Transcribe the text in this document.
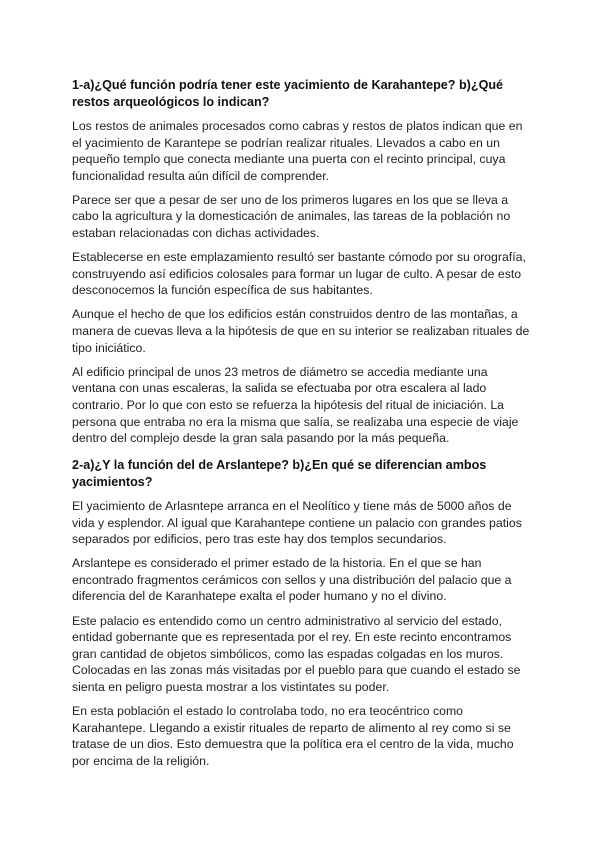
1-a)¿Qué función podría tener este yacimiento de Karahantepe? b)¿Qué restos arqueológicos lo indican?

Los restos de animales procesados como cabras y restos de platos indican que en el yacimiento de Karantepe se podrían realizar rituales. Llevados a cabo en un pequeño templo que conecta mediante una puerta con el recinto principal, cuya funcionalidad resulta aún difícil de comprender.

Parece ser que a pesar de ser uno de los primeros lugares en los que se lleva a cabo la agricultura y la domesticación de animales, las tareas de la población no estaban relacionadas con dichas actividades.

Establecerse en este emplazamiento resultó ser bastante cómodo por su orografía, construyendo así edificios colosales para formar un lugar de culto. A pesar de esto desconocemos la función específica de sus habitantes.

Aunque el hecho de que los edificios están construidos dentro de las montañas, a manera de cuevas lleva a la hipótesis de que en su interior se realizaban rituales de tipo iniciático.

Al edificio principal de unos 23 metros de diámetro se accedia mediante una ventana con unas escaleras, la salida se efectuaba por otra escalera al lado contrario. Por lo que con esto se refuerza la hipótesis del ritual de iniciación. La persona que entraba no era la misma que salía, se realizaba una especie de viaje dentro del complejo desde la gran sala pasando por la más pequeña.

2-a)¿Y la función del de Arslantepe? b)¿En qué se diferencian ambos yacimientos?

El yacimiento de Arlasntepe arranca en el Neolítico y tiene más de 5000 años de vida y esplendor. Al igual que Karahantepe contiene un palacio con grandes patios separados por edificios, pero tras este hay dos templos secundarios.

Arslantepe es considerado el primer estado de la historia. En el que se han encontrado fragmentos cerámicos con sellos y una distribución del palacio que a diferencia del de Karanhatepe exalta el poder humano y no el divino.

Este palacio es entendido como un centro administrativo al servicio del estado, entidad gobernante que es representada por el rey. En este recinto encontramos gran cantidad de objetos simbólicos, como las espadas colgadas en los muros. Colocadas en las zonas más visitadas por el pueblo para que cuando el estado se sienta en peligro puesta mostrar a los vistintates su poder.

En esta población el estado lo controlaba todo, no era teocéntrico como Karahantepe. Llegando a existir rituales de reparto de alimento al rey como si se tratase de un dios. Esto demuestra que la política era el centro de la vida, mucho por encima de la religión.
